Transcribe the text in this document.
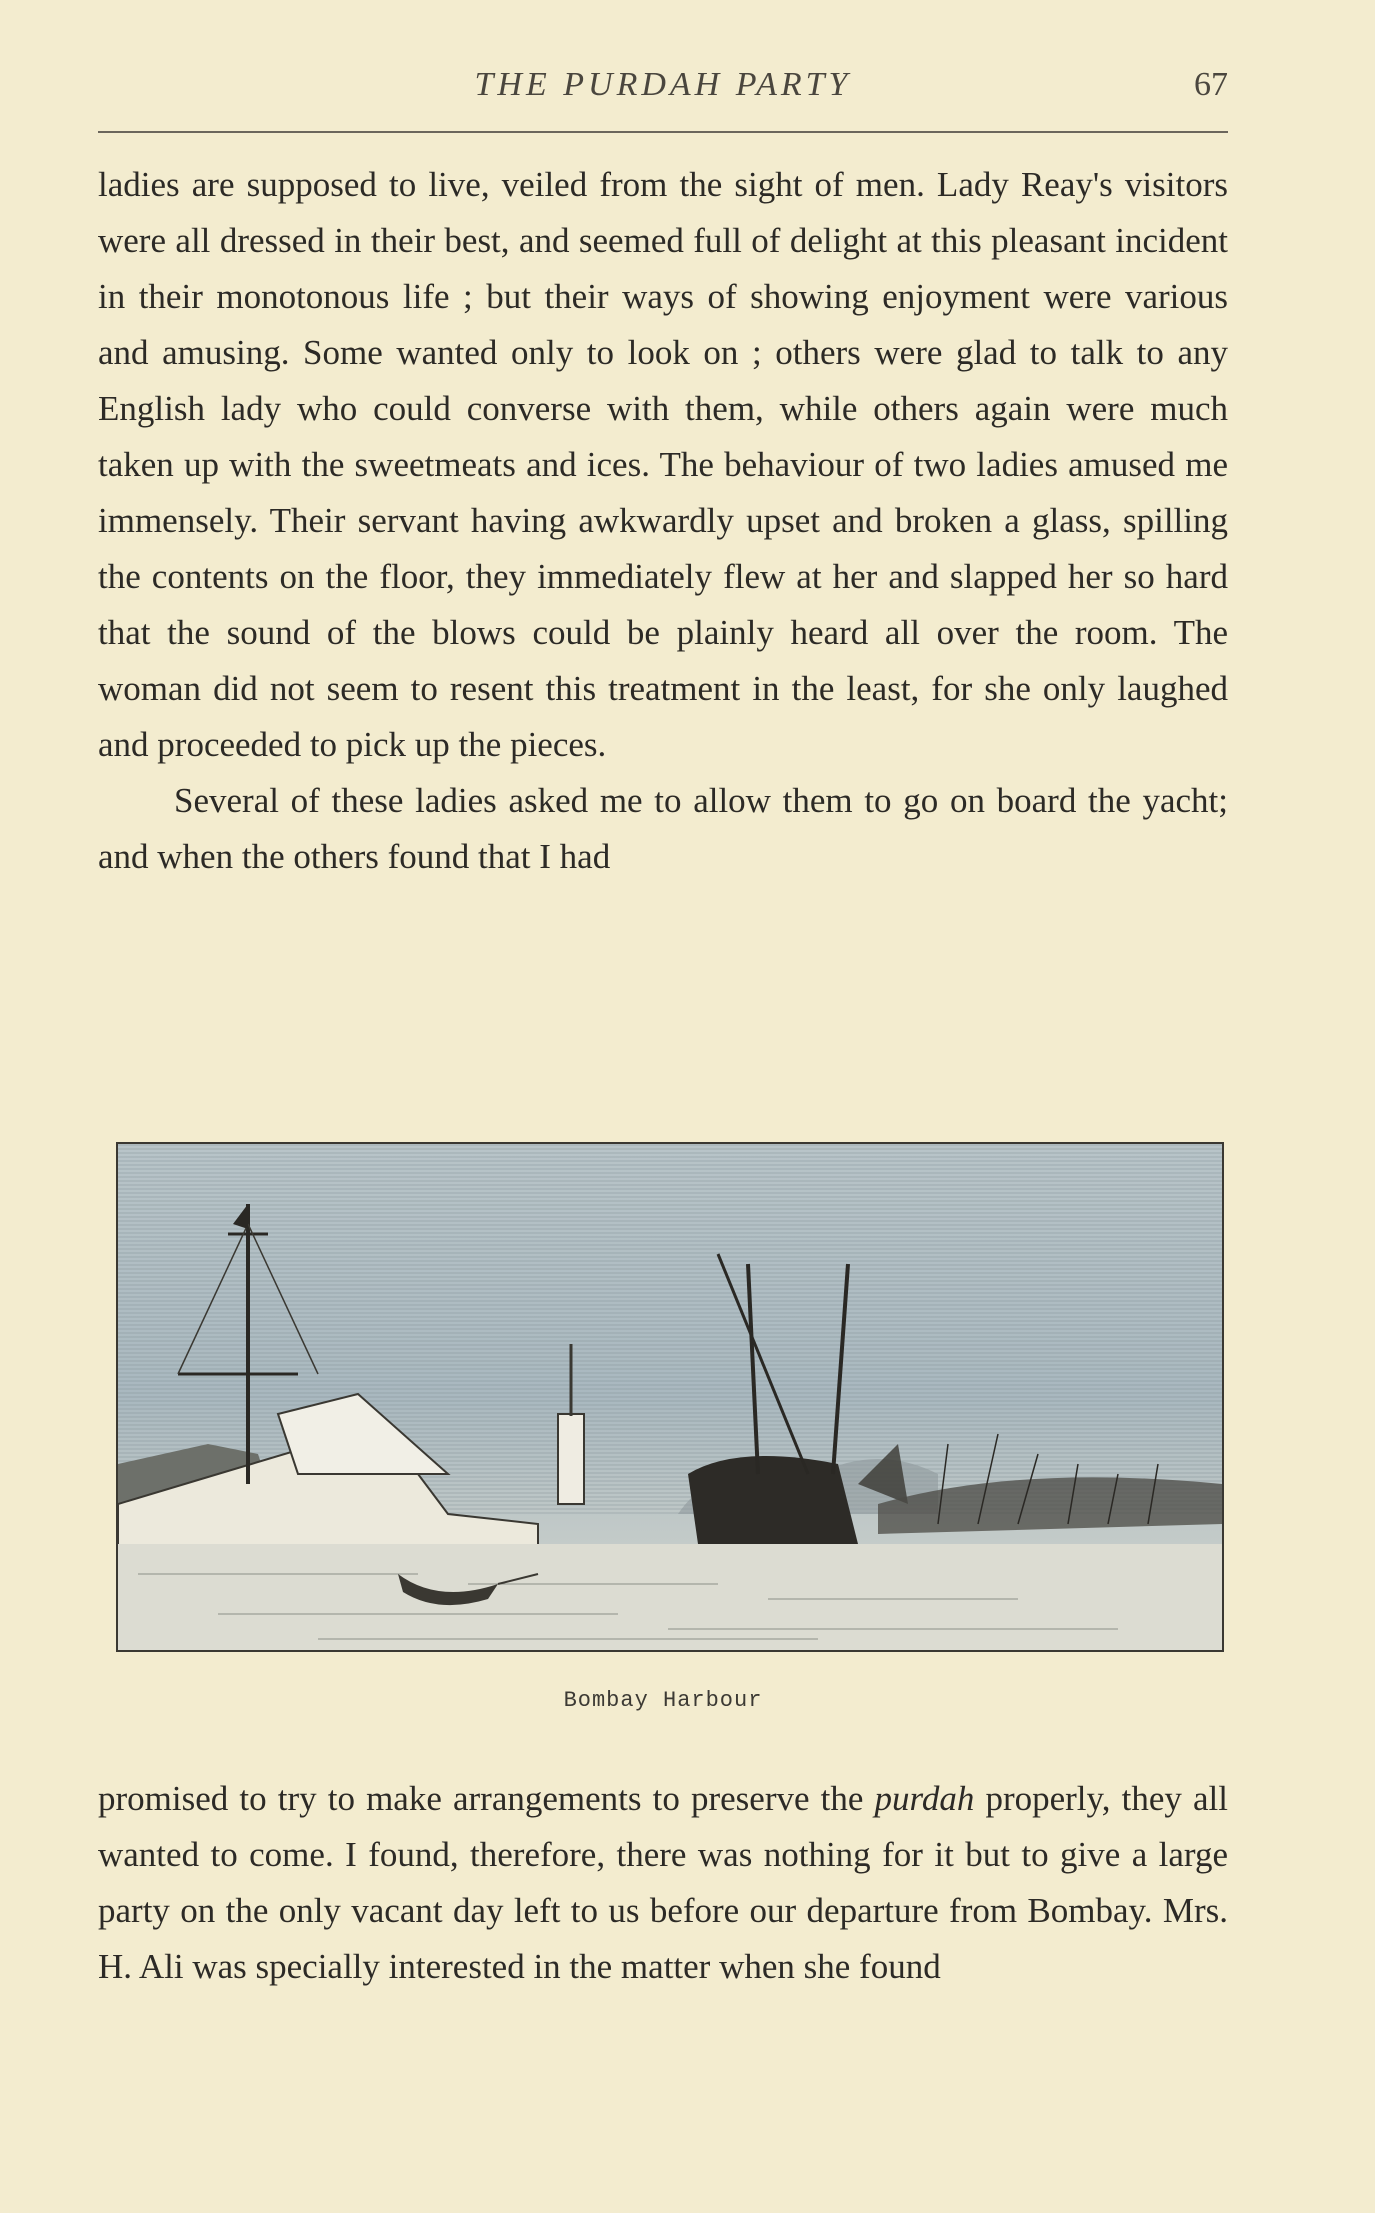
THE PURDAH PARTY	67

ladies are supposed to live, veiled from the sight of men. Lady Reay's visitors were all dressed in their best, and seemed full of delight at this pleasant incident in their monotonous life ; but their ways of showing enjoyment were various and amusing. Some wanted only to look on ; others were glad to talk to any English lady who could converse with them, while others again were much taken up with the sweetmeats and ices. The behaviour of two ladies amused me immensely. Their servant having awkwardly upset and broken a glass, spilling the contents on the floor, they immediately flew at her and slapped her so hard that the sound of the blows could be plainly heard all over the room. The woman did not seem to resent this treatment in the least, for she only laughed and proceeded to pick up the pieces.

Several of these ladies asked me to allow them to go on board the yacht; and when the others found that I had

Bombay Harbour

promised to try to make arrangements to preserve the purdah properly, they all wanted to come. I found, therefore, there was nothing for it but to give a large party on the only vacant day left to us before our departure from Bombay. Mrs. H. Ali was specially interested in the matter when she found
